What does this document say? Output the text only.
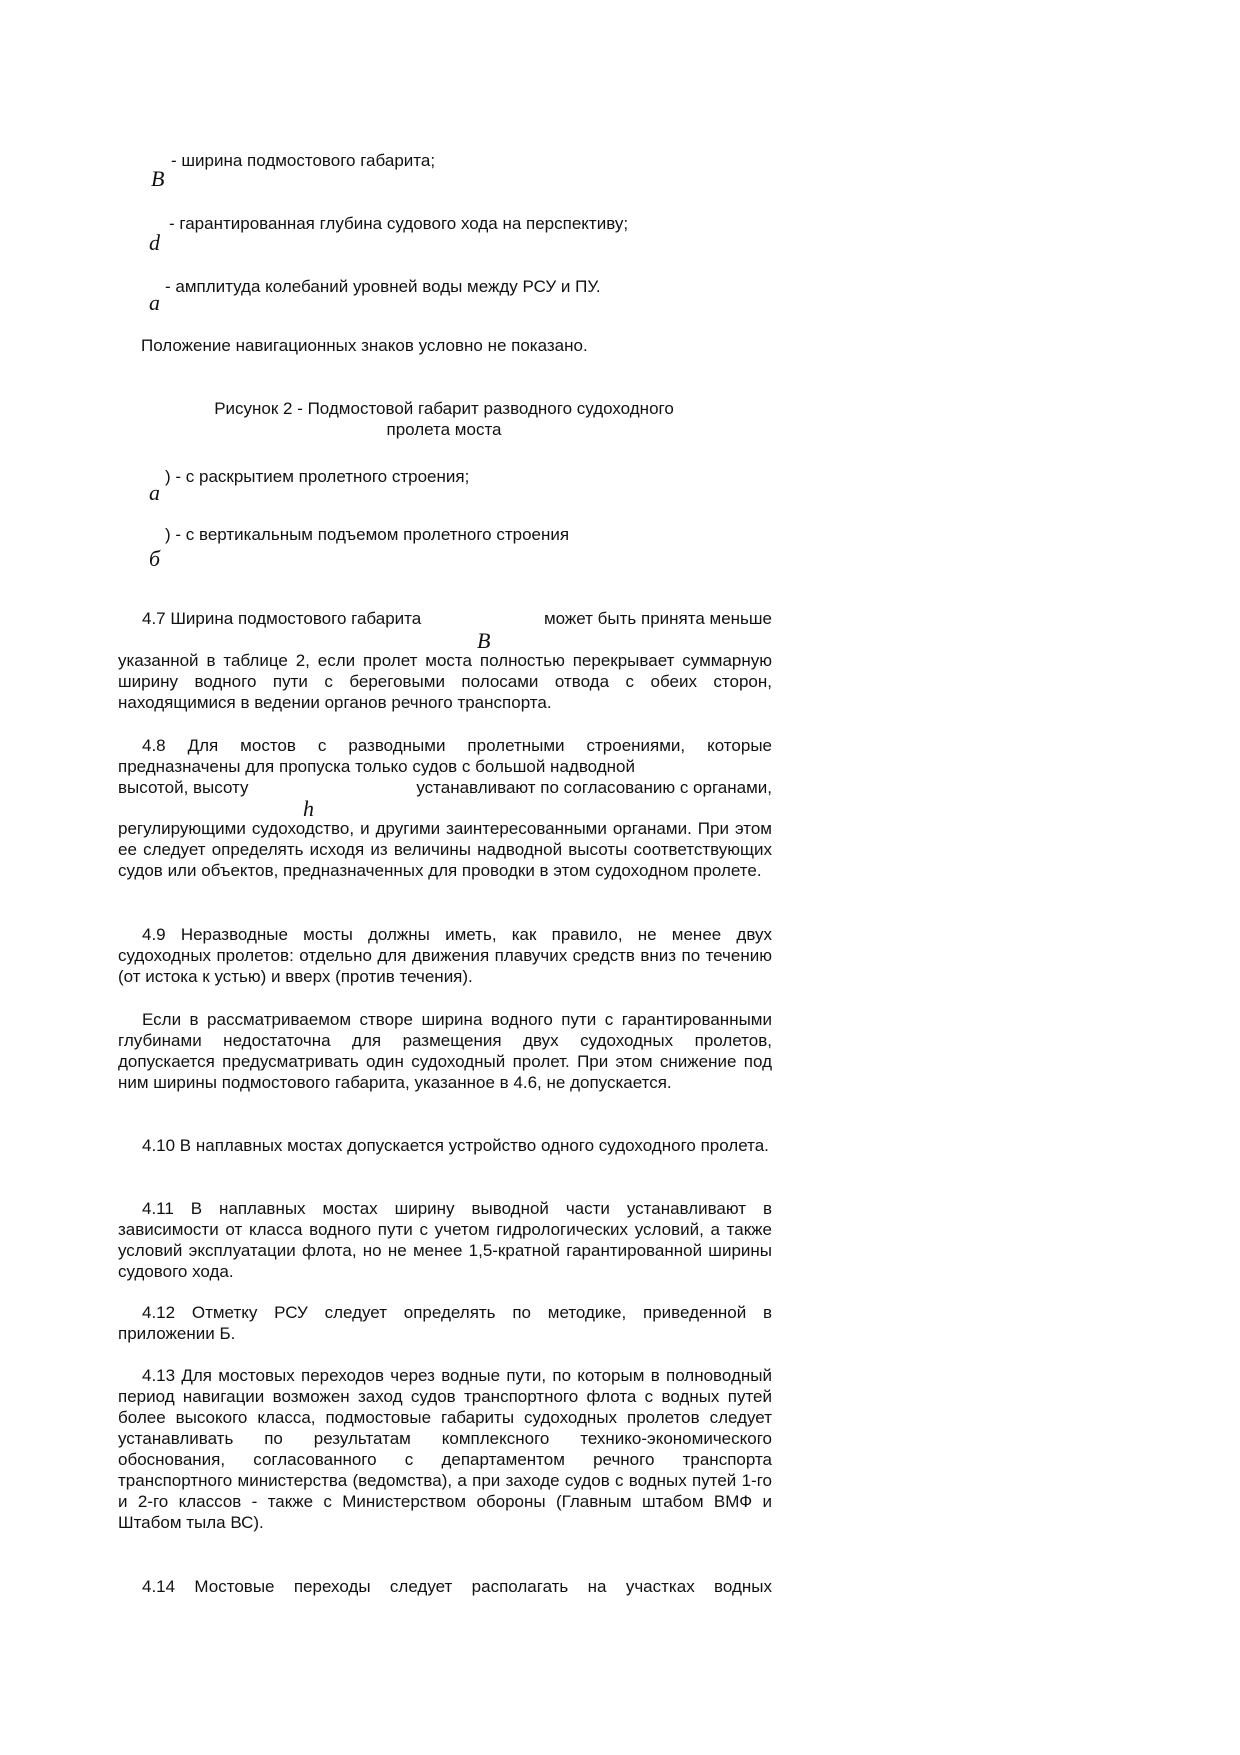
B
- ширина подмостового габарита;
d
- гарантированная глубина судового хода на перспективу;
a
- амплитуда колебаний уровней воды между РСУ и ПУ.
Положение навигационных знаков условно не показано.
Рисунок 2 - Подмостовой габарит разводного судоходного
пролета моста
а
) - с раскрытием пролетного строения;
б
) - с вертикальным подъемом пролетного строения
4.7 Ширина подмостового габарита
B
может быть принята меньше
указанной в таблице 2, если пролет моста полностью перекрывает суммарную ширину водного пути с береговыми полосами отвода с обеих сторон, находящимися в ведении органов речного транспорта.
4.8 Для мостов с разводными пролетными строениями, которые предназначены для пропуска только судов с большой надводной
высотой, высоту
h
устанавливают по согласованию с органами,
регулирующими судоходство, и другими заинтересованными органами. При этом ее следует определять исходя из величины надводной высоты соответствующих судов или объектов, предназначенных для проводки в этом судоходном пролете.
4.9 Неразводные мосты должны иметь, как правило, не менее двух судоходных пролетов: отдельно для движения плавучих средств вниз по течению (от истока к устью) и вверх (против течения).
Если в рассматриваемом створе ширина водного пути с гарантированными глубинами недостаточна для размещения двух судоходных пролетов, допускается предусматривать один судоходный пролет. При этом снижение под ним ширины подмостового габарита, указанное в 4.6, не допускается.
4.10 В наплавных мостах допускается устройство одного судоходного пролета.
4.11 В наплавных мостах ширину выводной части устанавливают в зависимости от класса водного пути с учетом гидрологических условий, а также условий эксплуатации флота, но не менее 1,5-кратной гарантированной ширины судового хода.
4.12 Отметку РСУ следует определять по методике, приведенной в приложении Б.
4.13 Для мостовых переходов через водные пути, по которым в полноводный период навигации возможен заход судов транспортного флота с водных путей более высокого класса, подмостовые габариты судоходных пролетов следует устанавливать по результатам комплексного технико-экономического обоснования, согласованного с департаментом речного транспорта транспортного министерства (ведомства), а при заходе судов с водных путей 1-го и 2-го классов - также с Министерством обороны (Главным штабом ВМФ и Штабом тыла ВС).
4.14 Мостовые переходы следует располагать на участках водных
